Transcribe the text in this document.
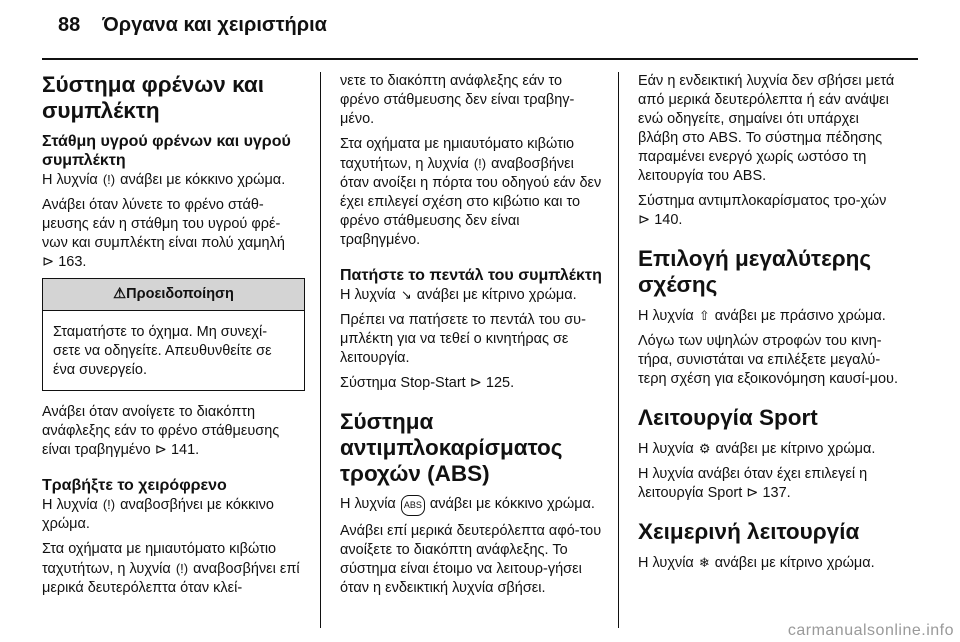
88 Όργανα και χειριστήρια
Σύστημα φρένων και συμπλέκτη
Στάθμη υγρού φρένων και υγρού συμπλέκτη

Η λυχνία (!) ανάβει με κόκκινο χρώμα.

Ανάβει όταν λύνετε το φρένο στάθ-μευσης εάν η στάθμη του υγρού φρέ-νων και συμπλέκτη είναι πολύ χαμηλή
⊳ 163.

⚠Προειδοποίηση
Σταματήστε το όχημα. Μη συνεχί-σετε να οδηγείτε. Απευθυνθείτε σε ένα συνεργείο.

Ανάβει όταν ανοίγετε το διακόπτη ανάφλεξης εάν το φρένο στάθμευσης είναι τραβηγμένο ⊳ 141.

Τραβήξτε το χειρόφρενο

Η λυχνία (!) αναβοσβήνει με κόκκινο χρώμα.

Στα οχήματα με ημιαυτόματο κιβώτιο ταχυτήτων, η λυχνία (!) αναβοσβήνει επί μερικά δευτερόλεπτα όταν κλεί-

νετε το διακόπτη ανάφλεξης εάν το φρένο στάθμευσης δεν είναι τραβηγ-μένο.

Στα οχήματα με ημιαυτόματο κιβώτιο ταχυτήτων, η λυχνία (!) αναβοσβήνει όταν ανοίξει η πόρτα του οδηγού εάν δεν έχει επιλεγεί σχέση στο κιβώτιο και το φρένο στάθμευσης δεν είναι τραβηγμένο.

Πατήστε το πεντάλ του συμπλέκτη

Η λυχνία ↘ ανάβει με κίτρινο χρώμα.

Πρέπει να πατήσετε το πεντάλ του συ-μπλέκτη για να τεθεί ο κινητήρας σε λειτουργία.

Σύστημα Stop-Start ⊳ 125.

Σύστημα αντιμπλοκαρίσματος τροχών (ABS)

Η λυχνία ABS ανάβει με κόκκινο χρώμα.

Ανάβει επί μερικά δευτερόλεπτα αφό-του ανοίξετε το διακόπτη ανάφλεξης. Το σύστημα είναι έτοιμο να λειτουρ-γήσει όταν η ενδεικτική λυχνία σβήσει.

Εάν η ενδεικτική λυχνία δεν σβήσει μετά από μερικά δευτερόλεπτα ή εάν ανάψει ενώ οδηγείτε, σημαίνει ότι υπάρχει βλάβη στο ABS. Το σύστημα πέδησης παραμένει ενεργό χωρίς ωστόσο τη λειτουργία του ABS.

Σύστημα αντιμπλοκαρίσματος τρο-χών ⊳ 140.

Επιλογή μεγαλύτερης σχέσης

Η λυχνία ⇧ ανάβει με πράσινο χρώμα.

Λόγω των υψηλών στροφών του κινη-τήρα, συνιστάται να επιλέξετε μεγαλύ-τερη σχέση για εξοικονόμηση καυσί-μου.

Λειτουργία Sport

Η λυχνία ⚙ ανάβει με κίτρινο χρώμα.

Η λυχνία ανάβει όταν έχει επιλεγεί η λειτουργία Sport ⊳ 137.

Χειμερινή λειτουργία

Η λυχνία ❄ ανάβει με κίτρινο χρώμα.

carmanualsonline.info
